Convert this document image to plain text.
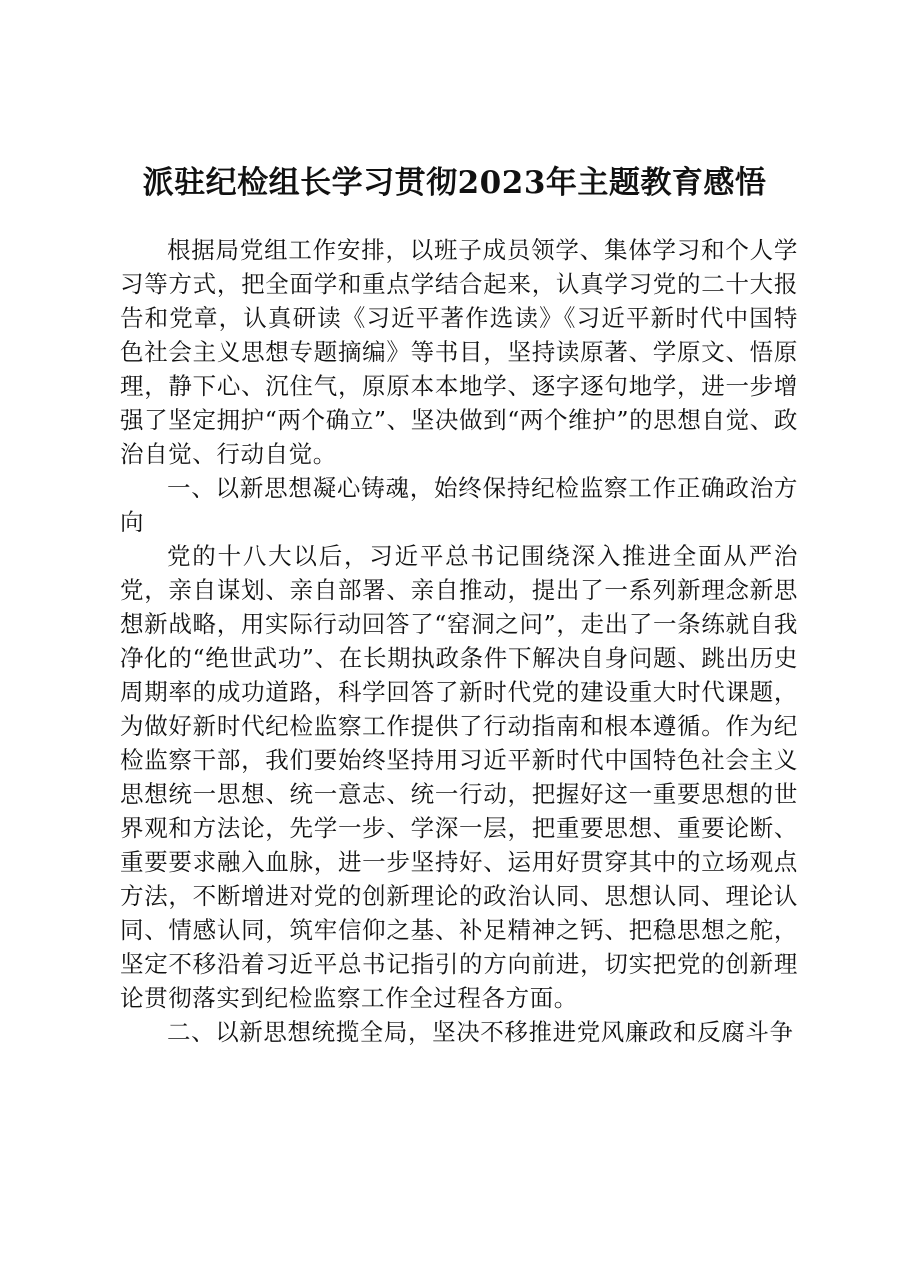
派驻纪检组长学习贯彻2023年主题教育感悟

根据局党组工作安排，以班子成员领学、集体学习和个人学习等方式，把全面学和重点学结合起来，认真学习党的二十大报告和党章，认真研读《习近平著作选读》《习近平新时代中国特色社会主义思想专题摘编》等书目，坚持读原著、学原文、悟原理，静下心、沉住气，原原本本地学、逐字逐句地学，进一步增强了坚定拥护“两个确立”、坚决做到“两个维护”的思想自觉、政治自觉、行动自觉。

一、以新思想凝心铸魂，始终保持纪检监察工作正确政治方向

党的十八大以后，习近平总书记围绕深入推进全面从严治党，亲自谋划、亲自部署、亲自推动，提出了一系列新理念新思想新战略，用实际行动回答了“窑洞之问”，走出了一条练就自我净化的“绝世武功”、在长期执政条件下解决自身问题、跳出历史周期率的成功道路，科学回答了新时代党的建设重大时代课题，为做好新时代纪检监察工作提供了行动指南和根本遵循。作为纪检监察干部，我们要始终坚持用习近平新时代中国特色社会主义思想统一思想、统一意志、统一行动，把握好这一重要思想的世界观和方法论，先学一步、学深一层，把重要思想、重要论断、重要要求融入血脉，进一步坚持好、运用好贯穿其中的立场观点方法，不断增进对党的创新理论的政治认同、思想认同、理论认同、情感认同，筑牢信仰之基、补足精神之钙、把稳思想之舵，坚定不移沿着习近平总书记指引的方向前进，切实把党的创新理论贯彻落实到纪检监察工作全过程各方面。

二、以新思想统揽全局，坚决不移推进党风廉政和反腐斗争
